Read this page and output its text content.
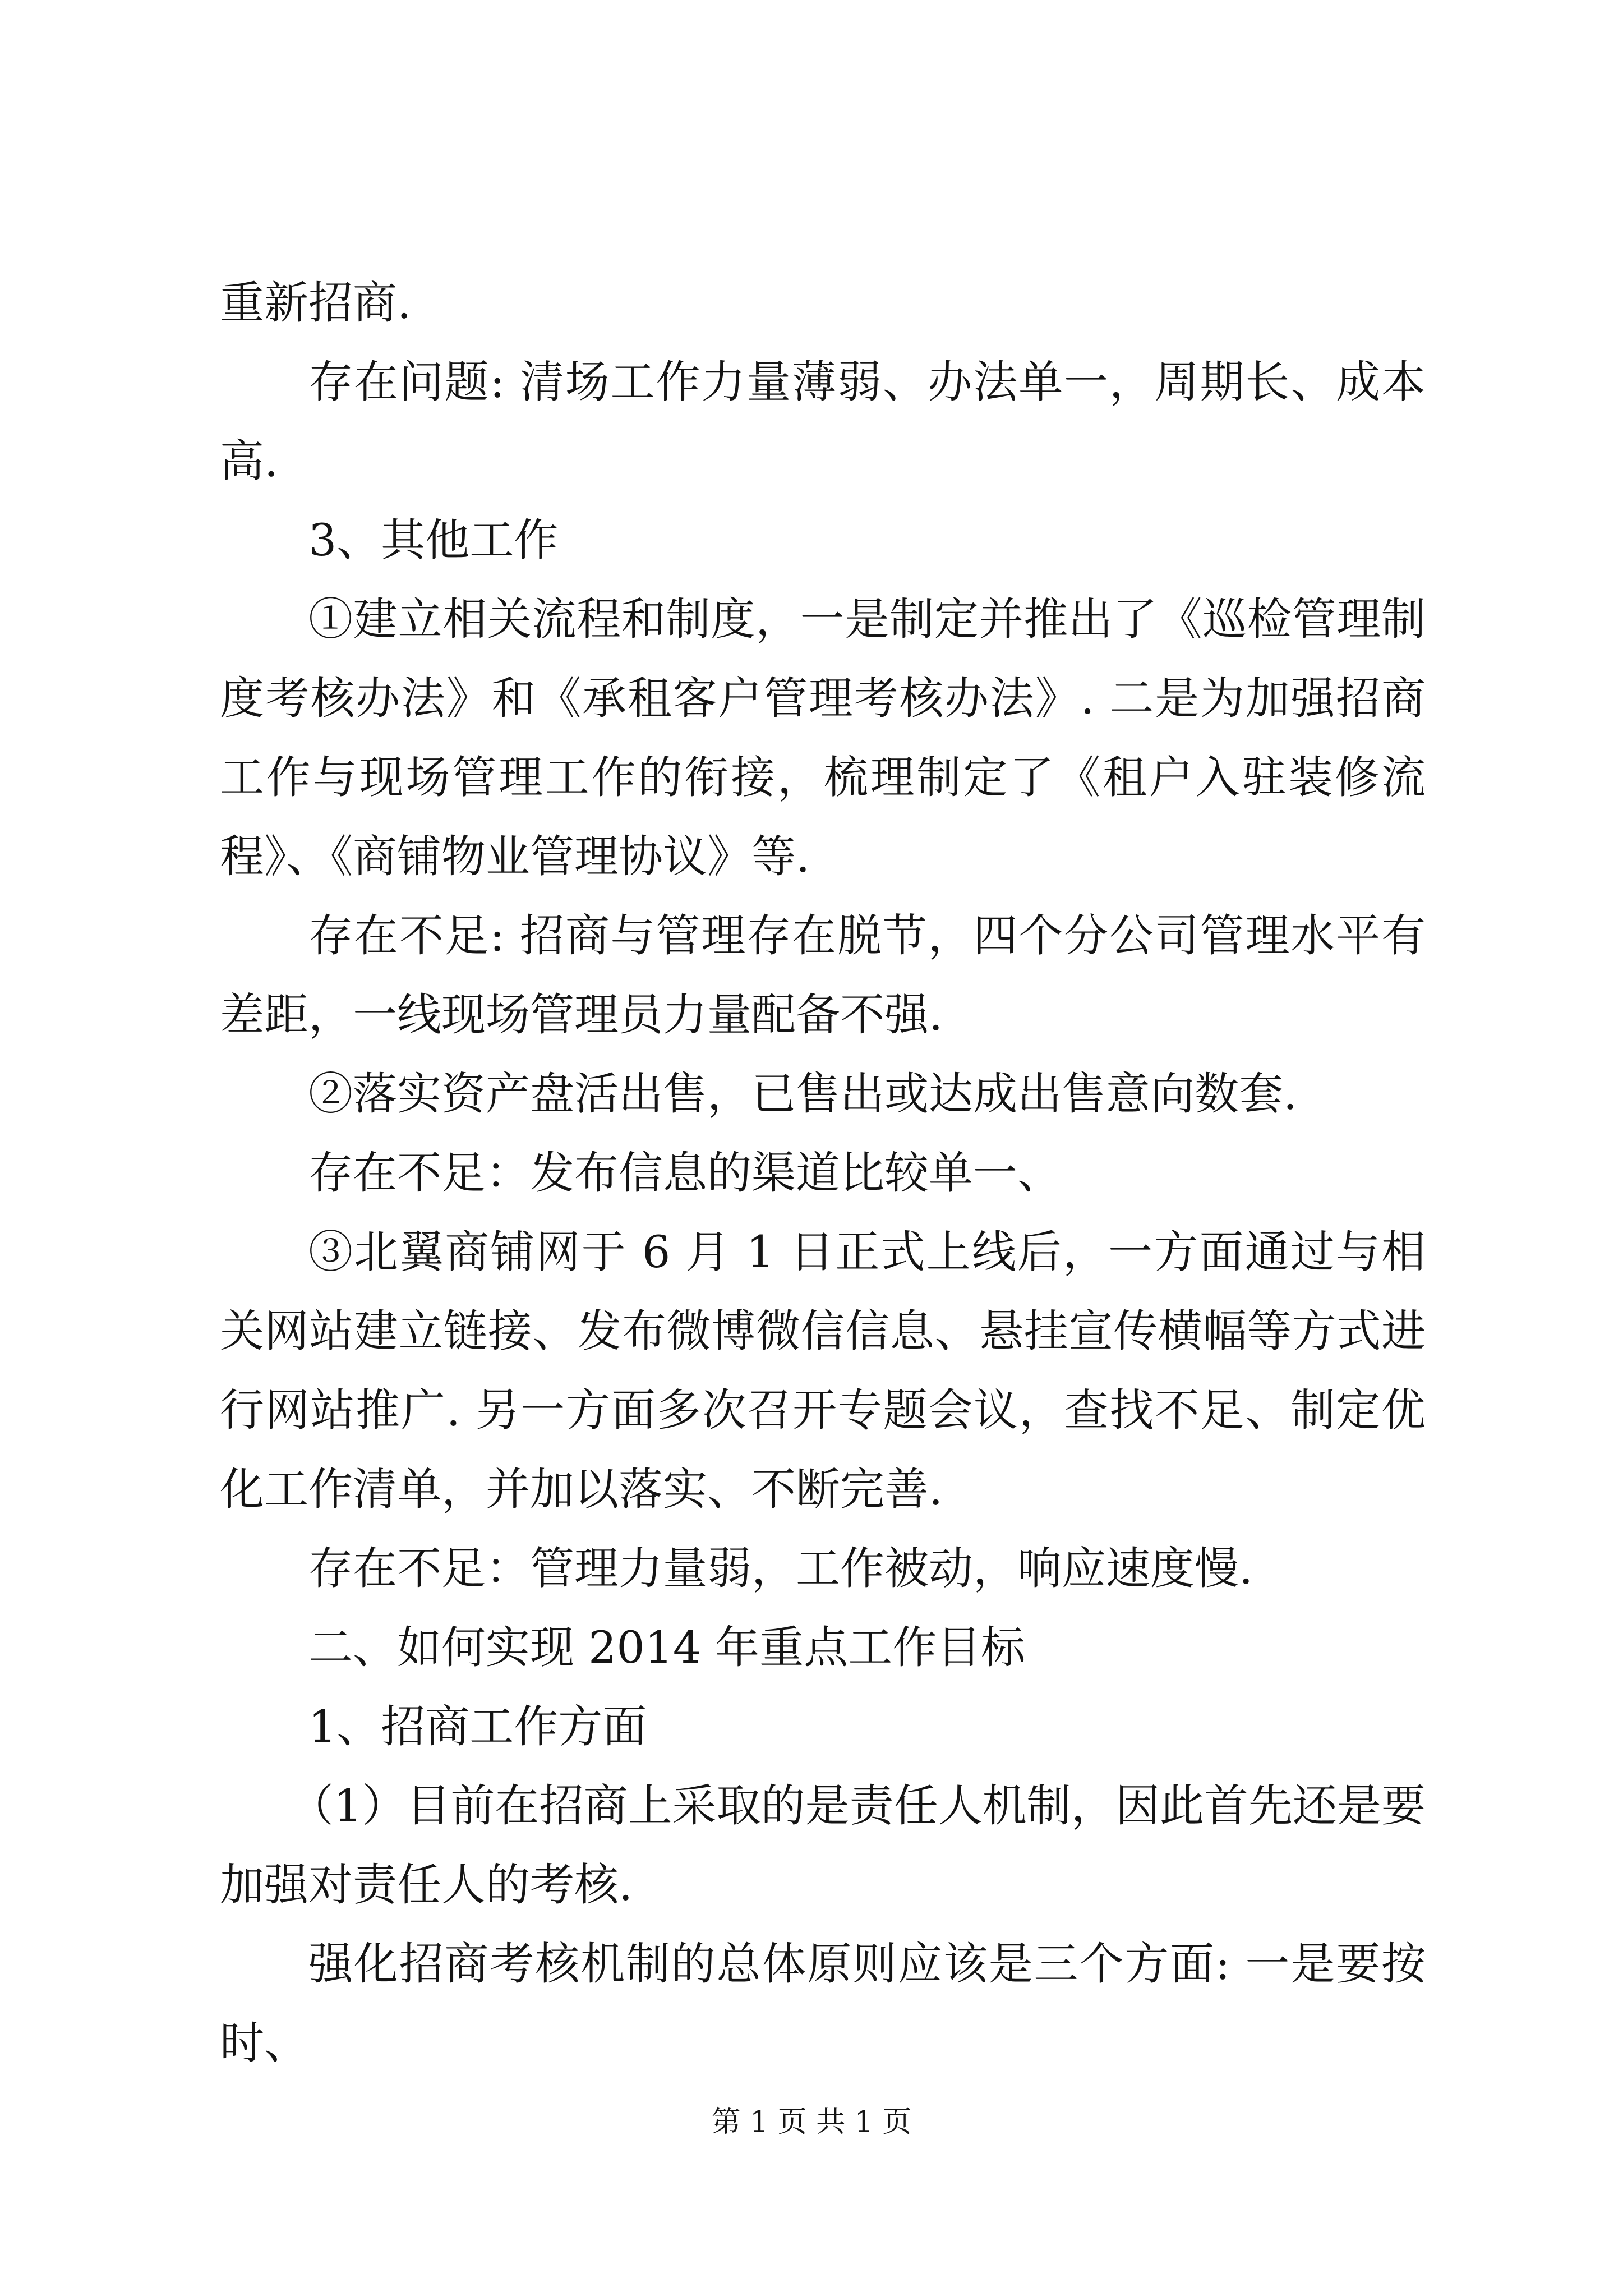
重新招商.

存在问题: 清场工作力量薄弱、办法单一，周期长、成本高.

3、其他工作

①建立相关流程和制度，一是制定并推出了《巡检管理制度考核办法》和《承租客户管理考核办法》. 二是为加强招商工作与现场管理工作的衔接，梳理制定了《租户入驻装修流程》、《商铺物业管理协议》等.

存在不足: 招商与管理存在脱节，四个分公司管理水平有差距，一线现场管理员力量配备不强.

②落实资产盘活出售，已售出或达成出售意向数套.

存在不足：发布信息的渠道比较单一、

③北翼商铺网于 6 月 1 日正式上线后，一方面通过与相关网站建立链接、发布微博微信信息、悬挂宣传横幅等方式进行网站推广. 另一方面多次召开专题会议，查找不足、制定优化工作清单，并加以落实、不断完善.

存在不足：管理力量弱，工作被动，响应速度慢.

二、如何实现 2014 年重点工作目标

1、招商工作方面

（1）目前在招商上采取的是责任人机制，因此首先还是要加强对责任人的考核.

强化招商考核机制的总体原则应该是三个方面: 一是要按时、

第 1 页 共 1 页
